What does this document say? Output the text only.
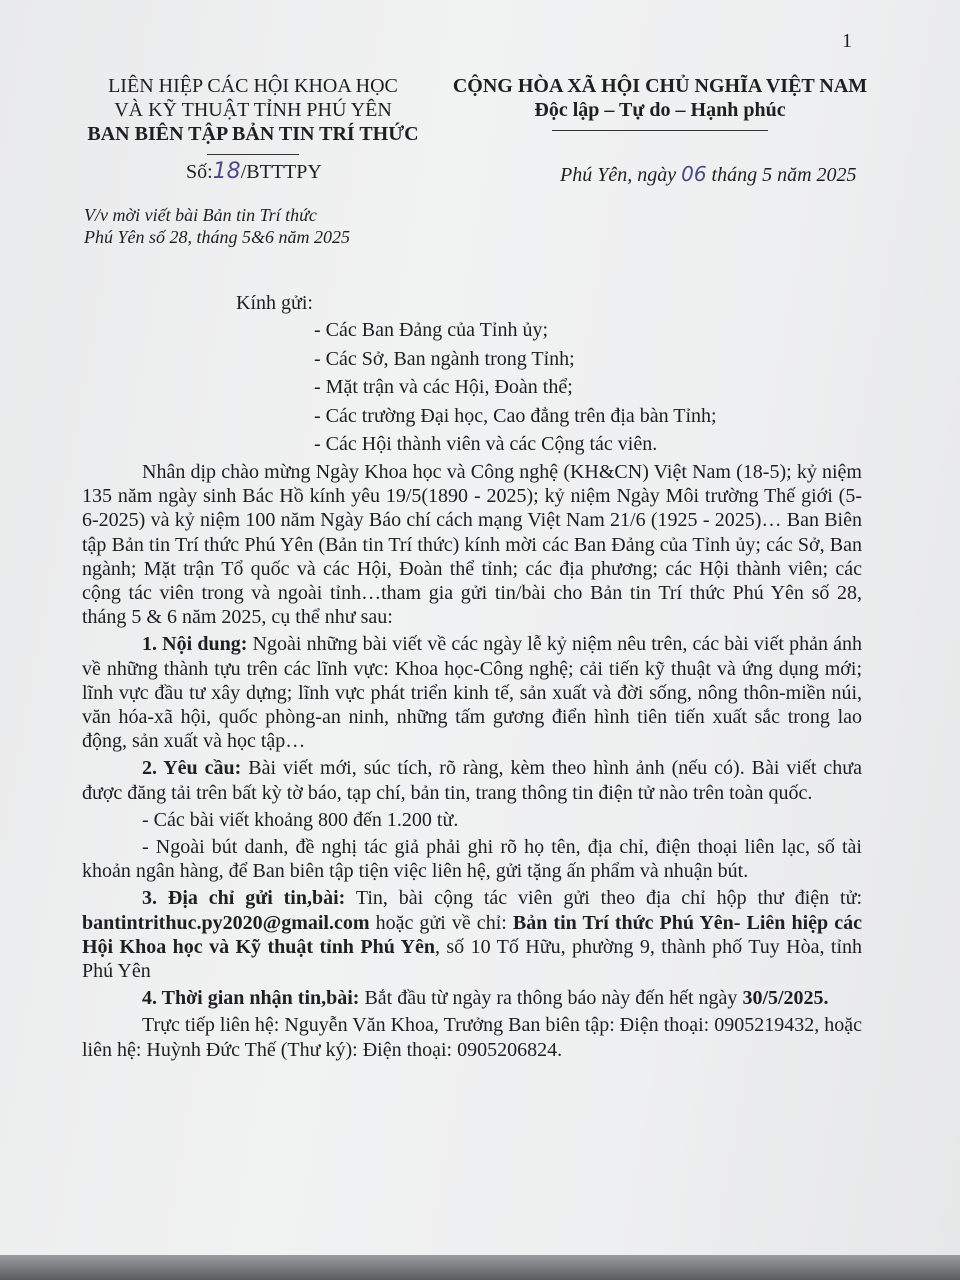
1
LIÊN HIỆP CÁC HỘI KHOA HỌC
VÀ KỸ THUẬT TỈNH PHÚ YÊN
BAN BIÊN TẬP BẢN TIN TRÍ THỨC
CỘNG HÒA XÃ HỘI CHỦ NGHĨA VIỆT NAM
Độc lập – Tự do – Hạnh phúc
Số:18/BTTTPY	Phú Yên, ngày 06 tháng 5 năm 2025
V/v mời viết bài Bản tin Trí thức
Phú Yên số 28, tháng 5&6 năm 2025
Kính gửi:
- Các Ban Đảng của Tỉnh ủy;
- Các Sở, Ban ngành trong Tỉnh;
- Mặt trận và các Hội, Đoàn thể;
- Các trường Đại học, Cao đẳng trên địa bàn Tỉnh;
- Các Hội thành viên và các Cộng tác viên.

Nhân dịp chào mừng Ngày Khoa học và Công nghệ (KH&CN) Việt Nam (18-5); kỷ niệm 135 năm ngày sinh Bác Hồ kính yêu 19/5(1890 - 2025); kỷ niệm Ngày Môi trường Thế giới (5-6-2025) và kỷ niệm 100 năm Ngày Báo chí cách mạng Việt Nam 21/6 (1925 - 2025)… Ban Biên tập Bản tin Trí thức Phú Yên (Bản tin Trí thức) kính mời các Ban Đảng của Tỉnh ủy; các Sở, Ban ngành; Mặt trận Tổ quốc và các Hội, Đoàn thể tỉnh; các địa phương; các Hội thành viên; các cộng tác viên trong và ngoài tỉnh…tham gia gửi tin/bài cho Bản tin Trí thức Phú Yên số 28, tháng 5 & 6 năm 2025, cụ thể như sau:

1. Nội dung: Ngoài những bài viết về các ngày lễ kỷ niệm nêu trên, các bài viết phản ánh về những thành tựu trên các lĩnh vực: Khoa học-Công nghệ; cải tiến kỹ thuật và ứng dụng mới; lĩnh vực đầu tư xây dựng; lĩnh vực phát triển kinh tế, sản xuất và đời sống, nông thôn-miền núi, văn hóa-xã hội, quốc phòng-an ninh, những tấm gương điển hình tiên tiến xuất sắc trong lao động, sản xuất và học tập…

2. Yêu cầu: Bài viết mới, súc tích, rõ ràng, kèm theo hình ảnh (nếu có). Bài viết chưa được đăng tải trên bất kỳ tờ báo, tạp chí, bản tin, trang thông tin điện tử nào trên toàn quốc.

- Các bài viết khoảng 800 đến 1.200 từ.

- Ngoài bút danh, đề nghị tác giả phải ghi rõ họ tên, địa chỉ, điện thoại liên lạc, số tài khoản ngân hàng, để Ban biên tập tiện việc liên hệ, gửi tặng ấn phẩm và nhuận bút.

3. Địa chỉ gửi tin,bài: Tin, bài cộng tác viên gửi theo địa chỉ hộp thư điện tử: bantintrithuc.py2020@gmail.com hoặc gửi về chỉ: Bản tin Trí thức Phú Yên- Liên hiệp các Hội Khoa học và Kỹ thuật tỉnh Phú Yên, số 10 Tố Hữu, phường 9, thành phố Tuy Hòa, tỉnh Phú Yên

4. Thời gian nhận tin,bài: Bắt đầu từ ngày ra thông báo này đến hết ngày 30/5/2025.

Trực tiếp liên hệ: Nguyễn Văn Khoa, Trưởng Ban biên tập: Điện thoại: 0905219432, hoặc liên hệ: Huỳnh Đức Thế (Thư ký): Điện thoại: 0905206824.
